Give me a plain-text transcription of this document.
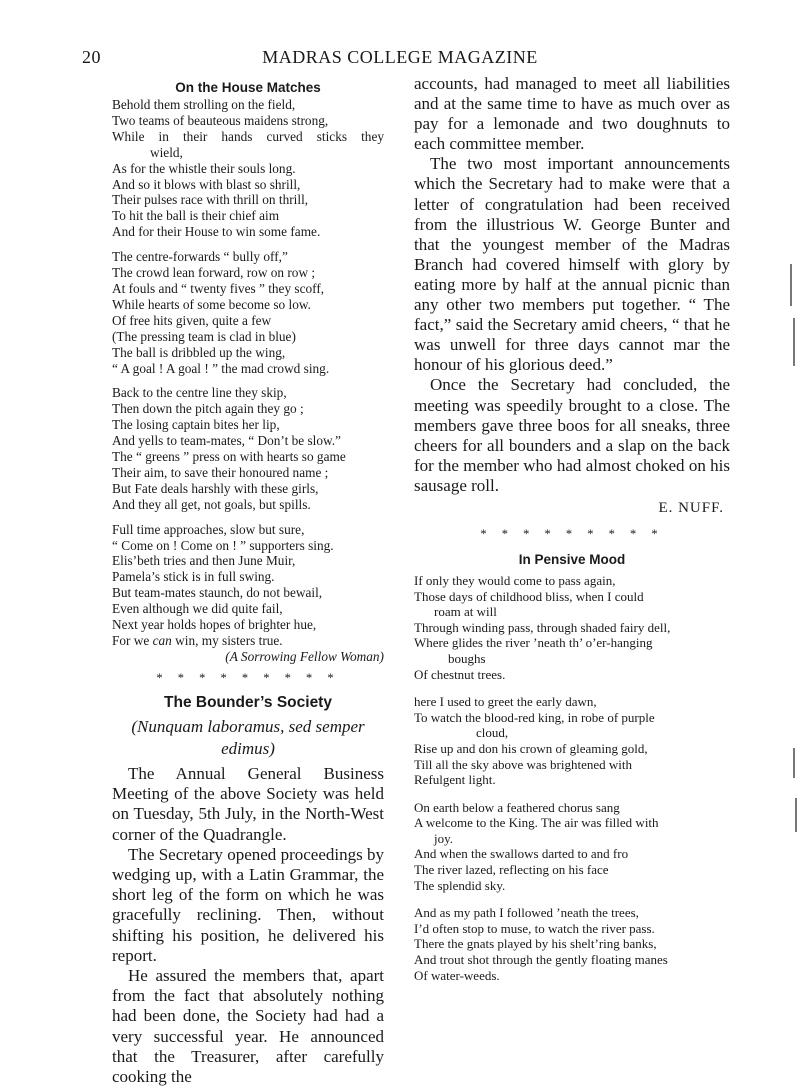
MADRAS COLLEGE MAGAZINE
20
On the House Matches
Behold them strolling on the field,
Two teams of beauteous maidens strong,
While in their hands curved sticks they
wield,
As for the whistle their souls long.
And so it blows with blast so shrill,
Their pulses race with thrill on thrill,
To hit the ball is their chief aim
And for their House to win some fame.
The centre-forwards “ bully off,”
The crowd lean forward, row on row ;
At fouls and “ twenty fives ” they scoff,
While hearts of some become so low.
Of free hits given, quite a few
(The pressing team is clad in blue)
The ball is dribbled up the wing,
“ A goal ! A goal ! ” the mad crowd sing.
Back to the centre line they skip,
Then down the pitch again they go ;
The losing captain bites her lip,
And yells to team-mates, “ Don’t be slow.”
The “ greens ” press on with hearts so game
Their aim, to save their honoured name ;
But Fate deals harshly with these girls,
And they all get, not goals, but spills.
Full time approaches, slow but sure,
“ Come on ! Come on ! ” supporters sing.
Elis’beth tries and then June Muir,
Pamela’s stick is in full swing.
But team-mates staunch, do not bewail,
Even although we did quite fail,
Next year holds hopes of brighter hue,
For we can win, my sisters true.
(A Sorrowing Fellow Woman)
* * * * * * * * *
The Bounder’s Society
(Nunquam laboramus, sed semper edimus)

The Annual General Business Meeting of the above Society was held on Tuesday, 5th July, in the North-West corner of the Quadrangle.

The Secretary opened proceedings by wedging up, with a Latin Grammar, the short leg of the form on which he was gracefully reclining. Then, without shifting his position, he delivered his report.

He assured the members that, apart from the fact that absolutely nothing had been done, the Society had had a very successful year. He announced that the Treasurer, after carefully cooking the

accounts, had managed to meet all liabilities and at the same time to have as much over as pay for a lemonade and two doughnuts to each committee member.

The two most important announcements which the Secretary had to make were that a letter of congratulation had been received from the illustrious W. George Bunter and that the youngest member of the Madras Branch had covered himself with glory by eating more by half at the annual picnic than any other two members put together. “ The fact,” said the Secretary amid cheers, “ that he was unwell for three days cannot mar the honour of his glorious deed.”

Once the Secretary had concluded, the meeting was speedily brought to a close. The members gave three boos for all sneaks, three cheers for all bounders and a slap on the back for the member who had almost choked on his sausage roll.

E. NUFF.
* * * * * * * * *
In Pensive Mood
If only they would come to pass again,
Those days of childhood bliss, when I could
roam at will
Through winding pass, through shaded fairy dell,
Where glides the river ’neath th’ o’er-hanging
boughs
Of chestnut trees.
here I used to greet the early dawn,
To watch the blood-red king, in robe of purple
cloud,
Rise up and don his crown of gleaming gold,
Till all the sky above was brightened with
Refulgent light.
On earth below a feathered chorus sang
A welcome to the King. The air was filled with
joy.
And when the swallows darted to and fro
The river lazed, reflecting on his face
The splendid sky.
And as my path I followed ’neath the trees,
I’d often stop to muse, to watch the river pass.
There the gnats played by his shelt’ring banks,
And trout shot through the gently floating manes
Of water-weeds.
